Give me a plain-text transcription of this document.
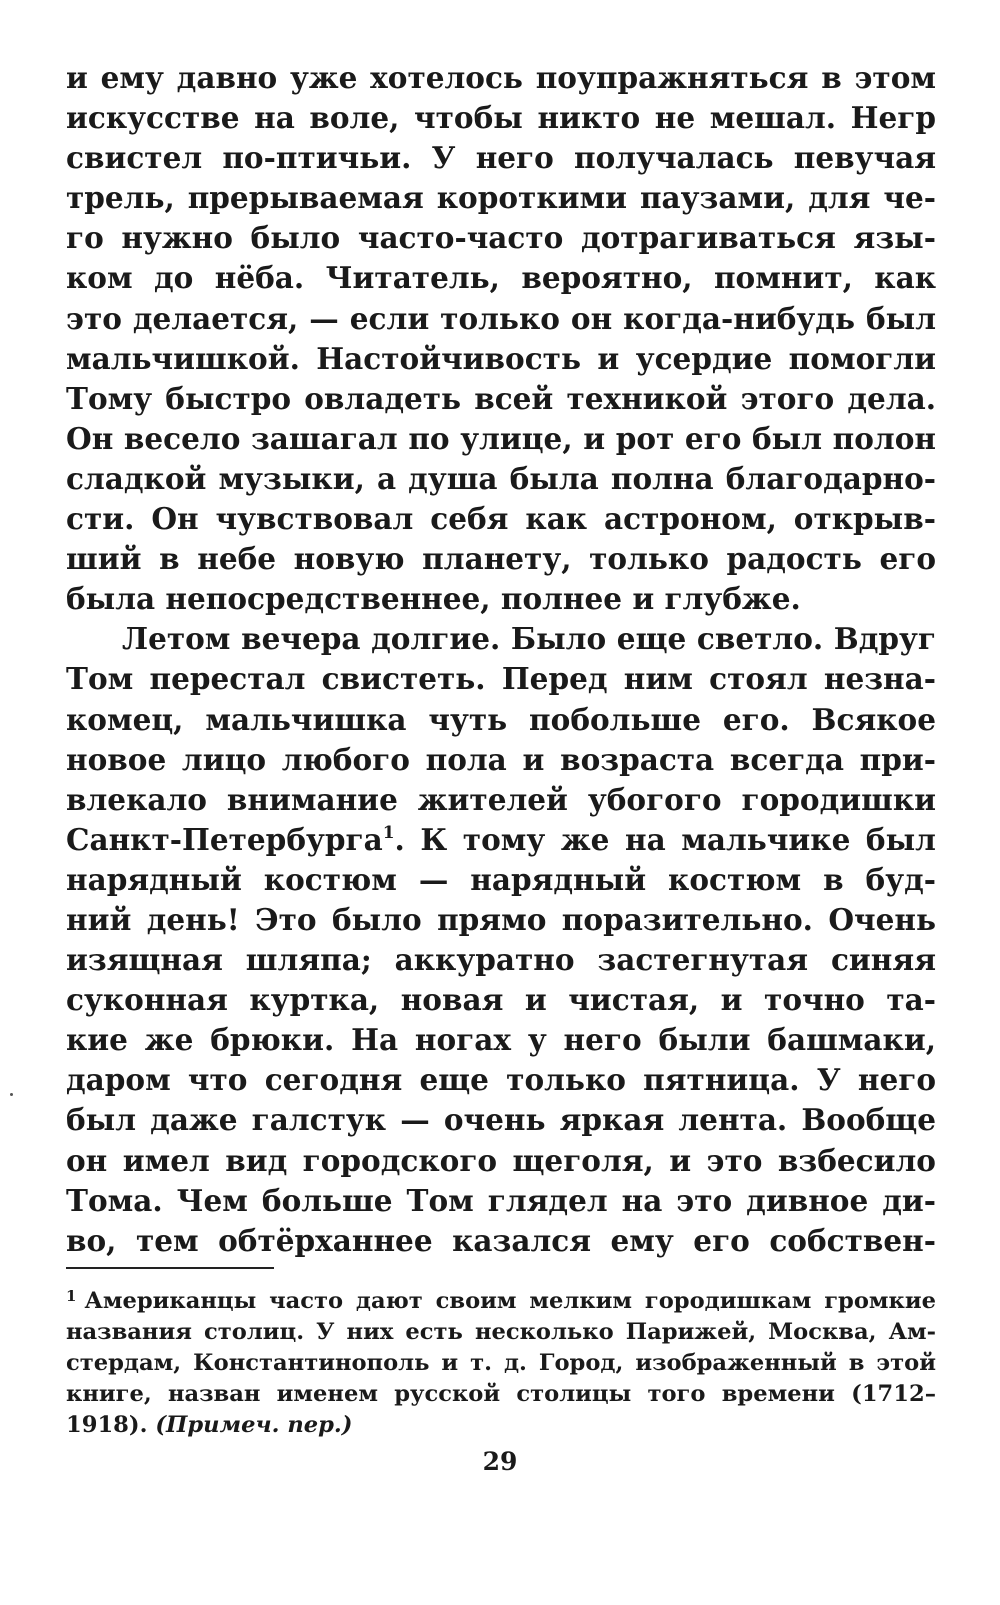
и ему давно уже хотелось поупражняться в этом
искусстве на воле, чтобы никто не мешал. Негр
свистел по-птичьи. У него получалась певучая
трель, прерываемая короткими паузами, для че-
го нужно было часто-часто дотрагиваться язы-
ком до нёба. Читатель, вероятно, помнит, как
это делается, — если только он когда-нибудь был
мальчишкой. Настойчивость и усердие помогли
Тому быстро овладеть всей техникой этого дела.
Он весело зашагал по улице, и рот его был полон
сладкой музыки, а душа была полна благодарно-
сти. Он чувствовал себя как астроном, открыв-
ший в небе новую планету, только радость его
была непосредственнее, полнее и глубже.
Летом вечера долгие. Было еще светло. Вдруг
Том перестал свистеть. Перед ним стоял незна-
комец, мальчишка чуть побольше его. Всякое
новое лицо любого пола и возраста всегда при-
влекало внимание жителей убогого городишки
Санкт-Петербурга$^1$. К тому же на мальчике был
нарядный костюм — нарядный костюм в буд-
ний день! Это было прямо поразительно. Очень
изящная шляпа; аккуратно застегнутая синяя
суконная куртка, новая и чистая, и точно та-
кие же брюки. На ногах у него были башмаки,
даром что сегодня еще только пятница. У него
был даже галстук — очень яркая лента. Вообще
он имел вид городского щеголя, и это взбесило
Тома. Чем больше Том глядел на это дивное ди-
во, тем обтёрханнее казался ему его собствен-
$^1$ Американцы часто дают своим мелким городишкам громкие
названия столиц. У них есть несколько Парижей, Москва, Ам-
стердам, Константинополь и т. д. Город, изображенный в этой
книге, назван именем русской столицы того времени (1712–
1918). (Примеч. пер.)
29
